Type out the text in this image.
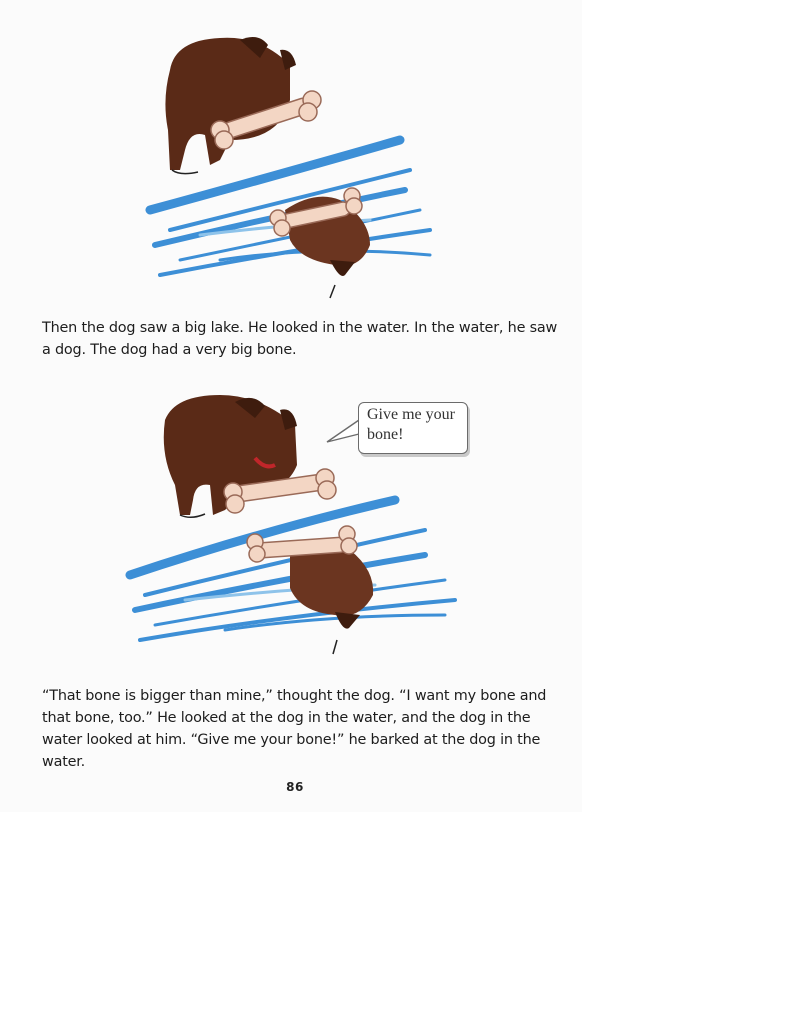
Then the dog saw a big lake. He looked in the water. In the water, he saw a dog. The dog had a very big bone.

Give me your bone!

“That bone is bigger than mine,” thought the dog. “I want my bone and that bone, too.” He looked at the dog in the water, and the dog in the water looked at him. “Give me your bone!” he barked at the dog in the water.

86
